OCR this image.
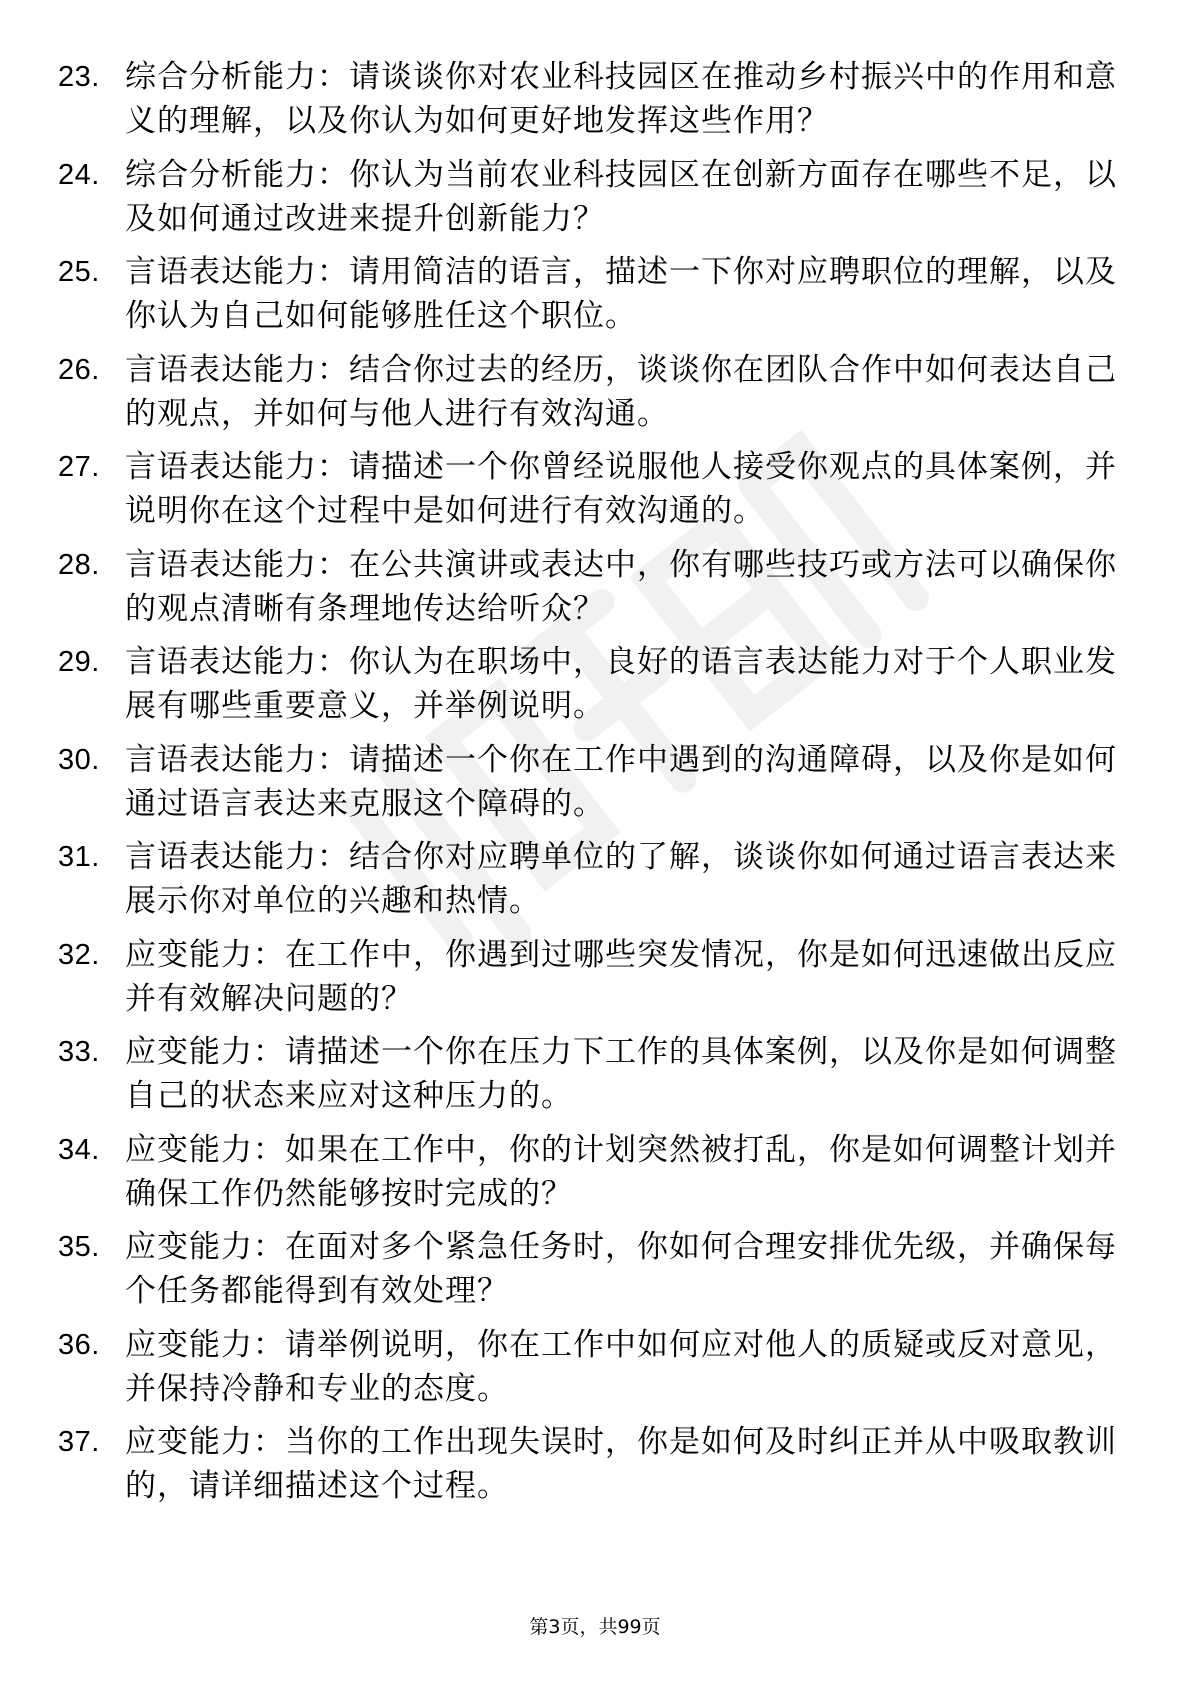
23. 综合分析能力：请谈谈你对农业科技园区在推动乡村振兴中的作用和意义的理解，以及你认为如何更好地发挥这些作用？
24. 综合分析能力：你认为当前农业科技园区在创新方面存在哪些不足，以及如何通过改进来提升创新能力？
25. 言语表达能力：请用简洁的语言，描述一下你对应聘职位的理解，以及你认为自己如何能够胜任这个职位。
26. 言语表达能力：结合你过去的经历，谈谈你在团队合作中如何表达自己的观点，并如何与他人进行有效沟通。
27. 言语表达能力：请描述一个你曾经说服他人接受你观点的具体案例，并说明你在这个过程中是如何进行有效沟通的。
28. 言语表达能力：在公共演讲或表达中，你有哪些技巧或方法可以确保你的观点清晰有条理地传达给听众？
29. 言语表达能力：你认为在职场中，良好的语言表达能力对于个人职业发展有哪些重要意义，并举例说明。
30. 言语表达能力：请描述一个你在工作中遇到的沟通障碍，以及你是如何通过语言表达来克服这个障碍的。
31. 言语表达能力：结合你对应聘单位的了解，谈谈你如何通过语言表达来展示你对单位的兴趣和热情。
32. 应变能力：在工作中，你遇到过哪些突发情况，你是如何迅速做出反应并有效解决问题的？
33. 应变能力：请描述一个你在压力下工作的具体案例，以及你是如何调整自己的状态来应对这种压力的。
34. 应变能力：如果在工作中，你的计划突然被打乱，你是如何调整计划并确保工作仍然能够按时完成的？
35. 应变能力：在面对多个紧急任务时，你如何合理安排优先级，并确保每个任务都能得到有效处理？
36. 应变能力：请举例说明，你在工作中如何应对他人的质疑或反对意见，并保持冷静和专业的态度。
37. 应变能力：当你的工作出现失误时，你是如何及时纠正并从中吸取教训的，请详细描述这个过程。
第3页，共99页
